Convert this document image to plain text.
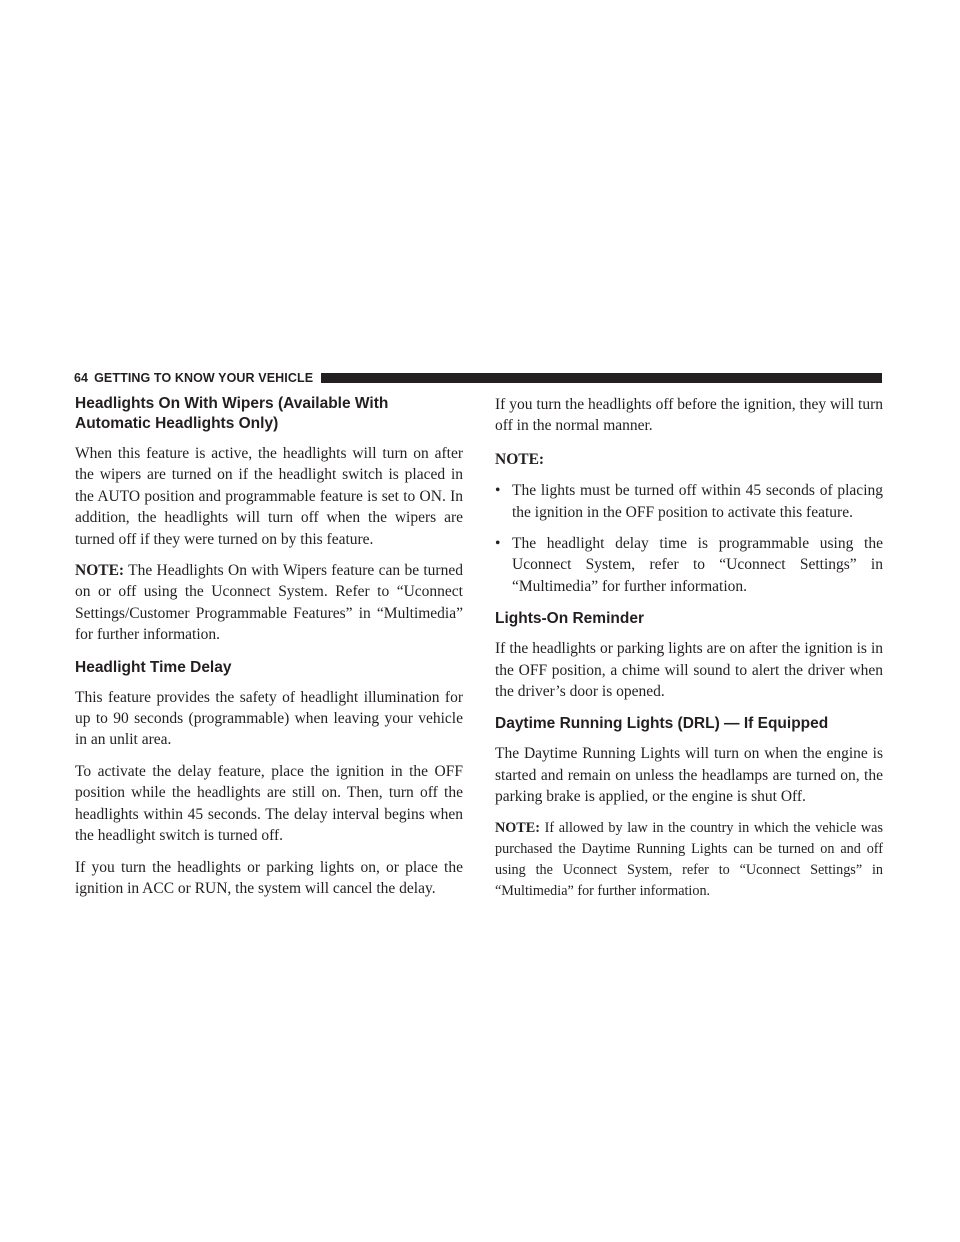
64 GETTING TO KNOW YOUR VEHICLE
Headlights On With Wipers (Available With Automatic Headlights Only)

When this feature is active, the headlights will turn on after the wipers are turned on if the headlight switch is placed in the AUTO position and programmable feature is set to ON. In addition, the headlights will turn off when the wipers are turned off if they were turned on by this feature.

NOTE: The Headlights On with Wipers feature can be turned on or off using the Uconnect System. Refer to “Uconnect Settings/Customer Programmable Features” in “Multimedia” for further information.

Headlight Time Delay

This feature provides the safety of headlight illumination for up to 90 seconds (programmable) when leaving your vehicle in an unlit area.

To activate the delay feature, place the ignition in the OFF position while the headlights are still on. Then, turn off the headlights within 45 seconds. The delay interval begins when the headlight switch is turned off.

If you turn the headlights or parking lights on, or place the ignition in ACC or RUN, the system will cancel the delay.

If you turn the headlights off before the ignition, they will turn off in the normal manner.

NOTE:

• The lights must be turned off within 45 seconds of placing the ignition in the OFF position to activate this feature.
• The headlight delay time is programmable using the Uconnect System, refer to “Uconnect Settings” in “Multimedia” for further information.
Lights-On Reminder

If the headlights or parking lights are on after the ignition is in the OFF position, a chime will sound to alert the driver when the driver’s door is opened.

Daytime Running Lights (DRL) — If Equipped

The Daytime Running Lights will turn on when the engine is started and remain on unless the headlamps are turned on, the parking brake is applied, or the engine is shut Off.

NOTE: If allowed by law in the country in which the vehicle was purchased the Daytime Running Lights can be turned on and off using the Uconnect System, refer to “Uconnect Settings” in “Multimedia” for further information.
